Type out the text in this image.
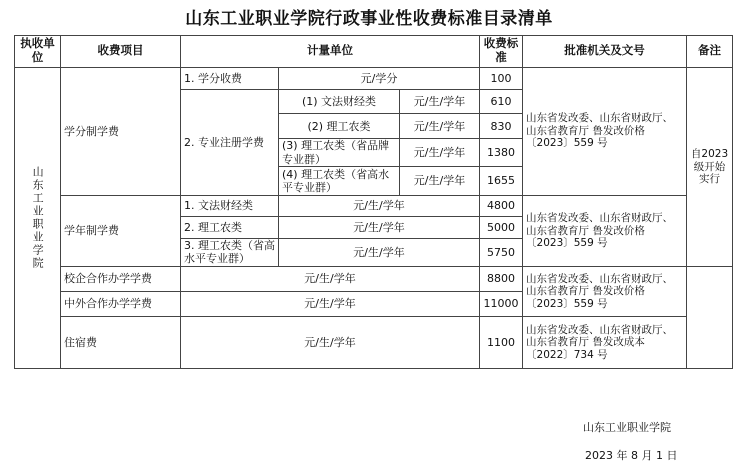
山东工业职业学院行政事业性收费标准目录清单
执收单位	收费项目	计量单位			收费标准	批准机关及文号	备注

山东工业职业学院	学分制学费	1. 学分收费	元/学分		100	山东省发改委、山东省财政厅、山东省教育厅 鲁发改价格〔2023〕559 号	自2023级开始实行
		2. 专业注册学费	(1) 文法财经类	元/生/学年	610		
			(2) 理工农类	元/生/学年	830		
			(3) 理工农类（省品牌专业群）	元/生/学年	1380		
			(4) 理工农类（省高水平专业群）	元/生/学年	1655		
	学年制学费	1. 文法财经类	元/生/学年		4800	山东省发改委、山东省财政厅、山东省教育厅 鲁发改价格〔2023〕559 号	
		2. 理工农类	元/生/学年		5000		
		3. 理工农类（省高水平专业群）	元/生/学年		5750		
	校企合作办学学费	元/生/学年			8800	山东省发改委、山东省财政厅、山东省教育厅 鲁发改价格〔2023〕559 号	
	中外合作办学学费	元/生/学年			11000		
	住宿费	元/生/学年			1100	山东省发改委、山东省财政厅、山东省教育厅 鲁发改成本〔2022〕734 号	

山东工业职业学院
2023 年 8 月 1 日
